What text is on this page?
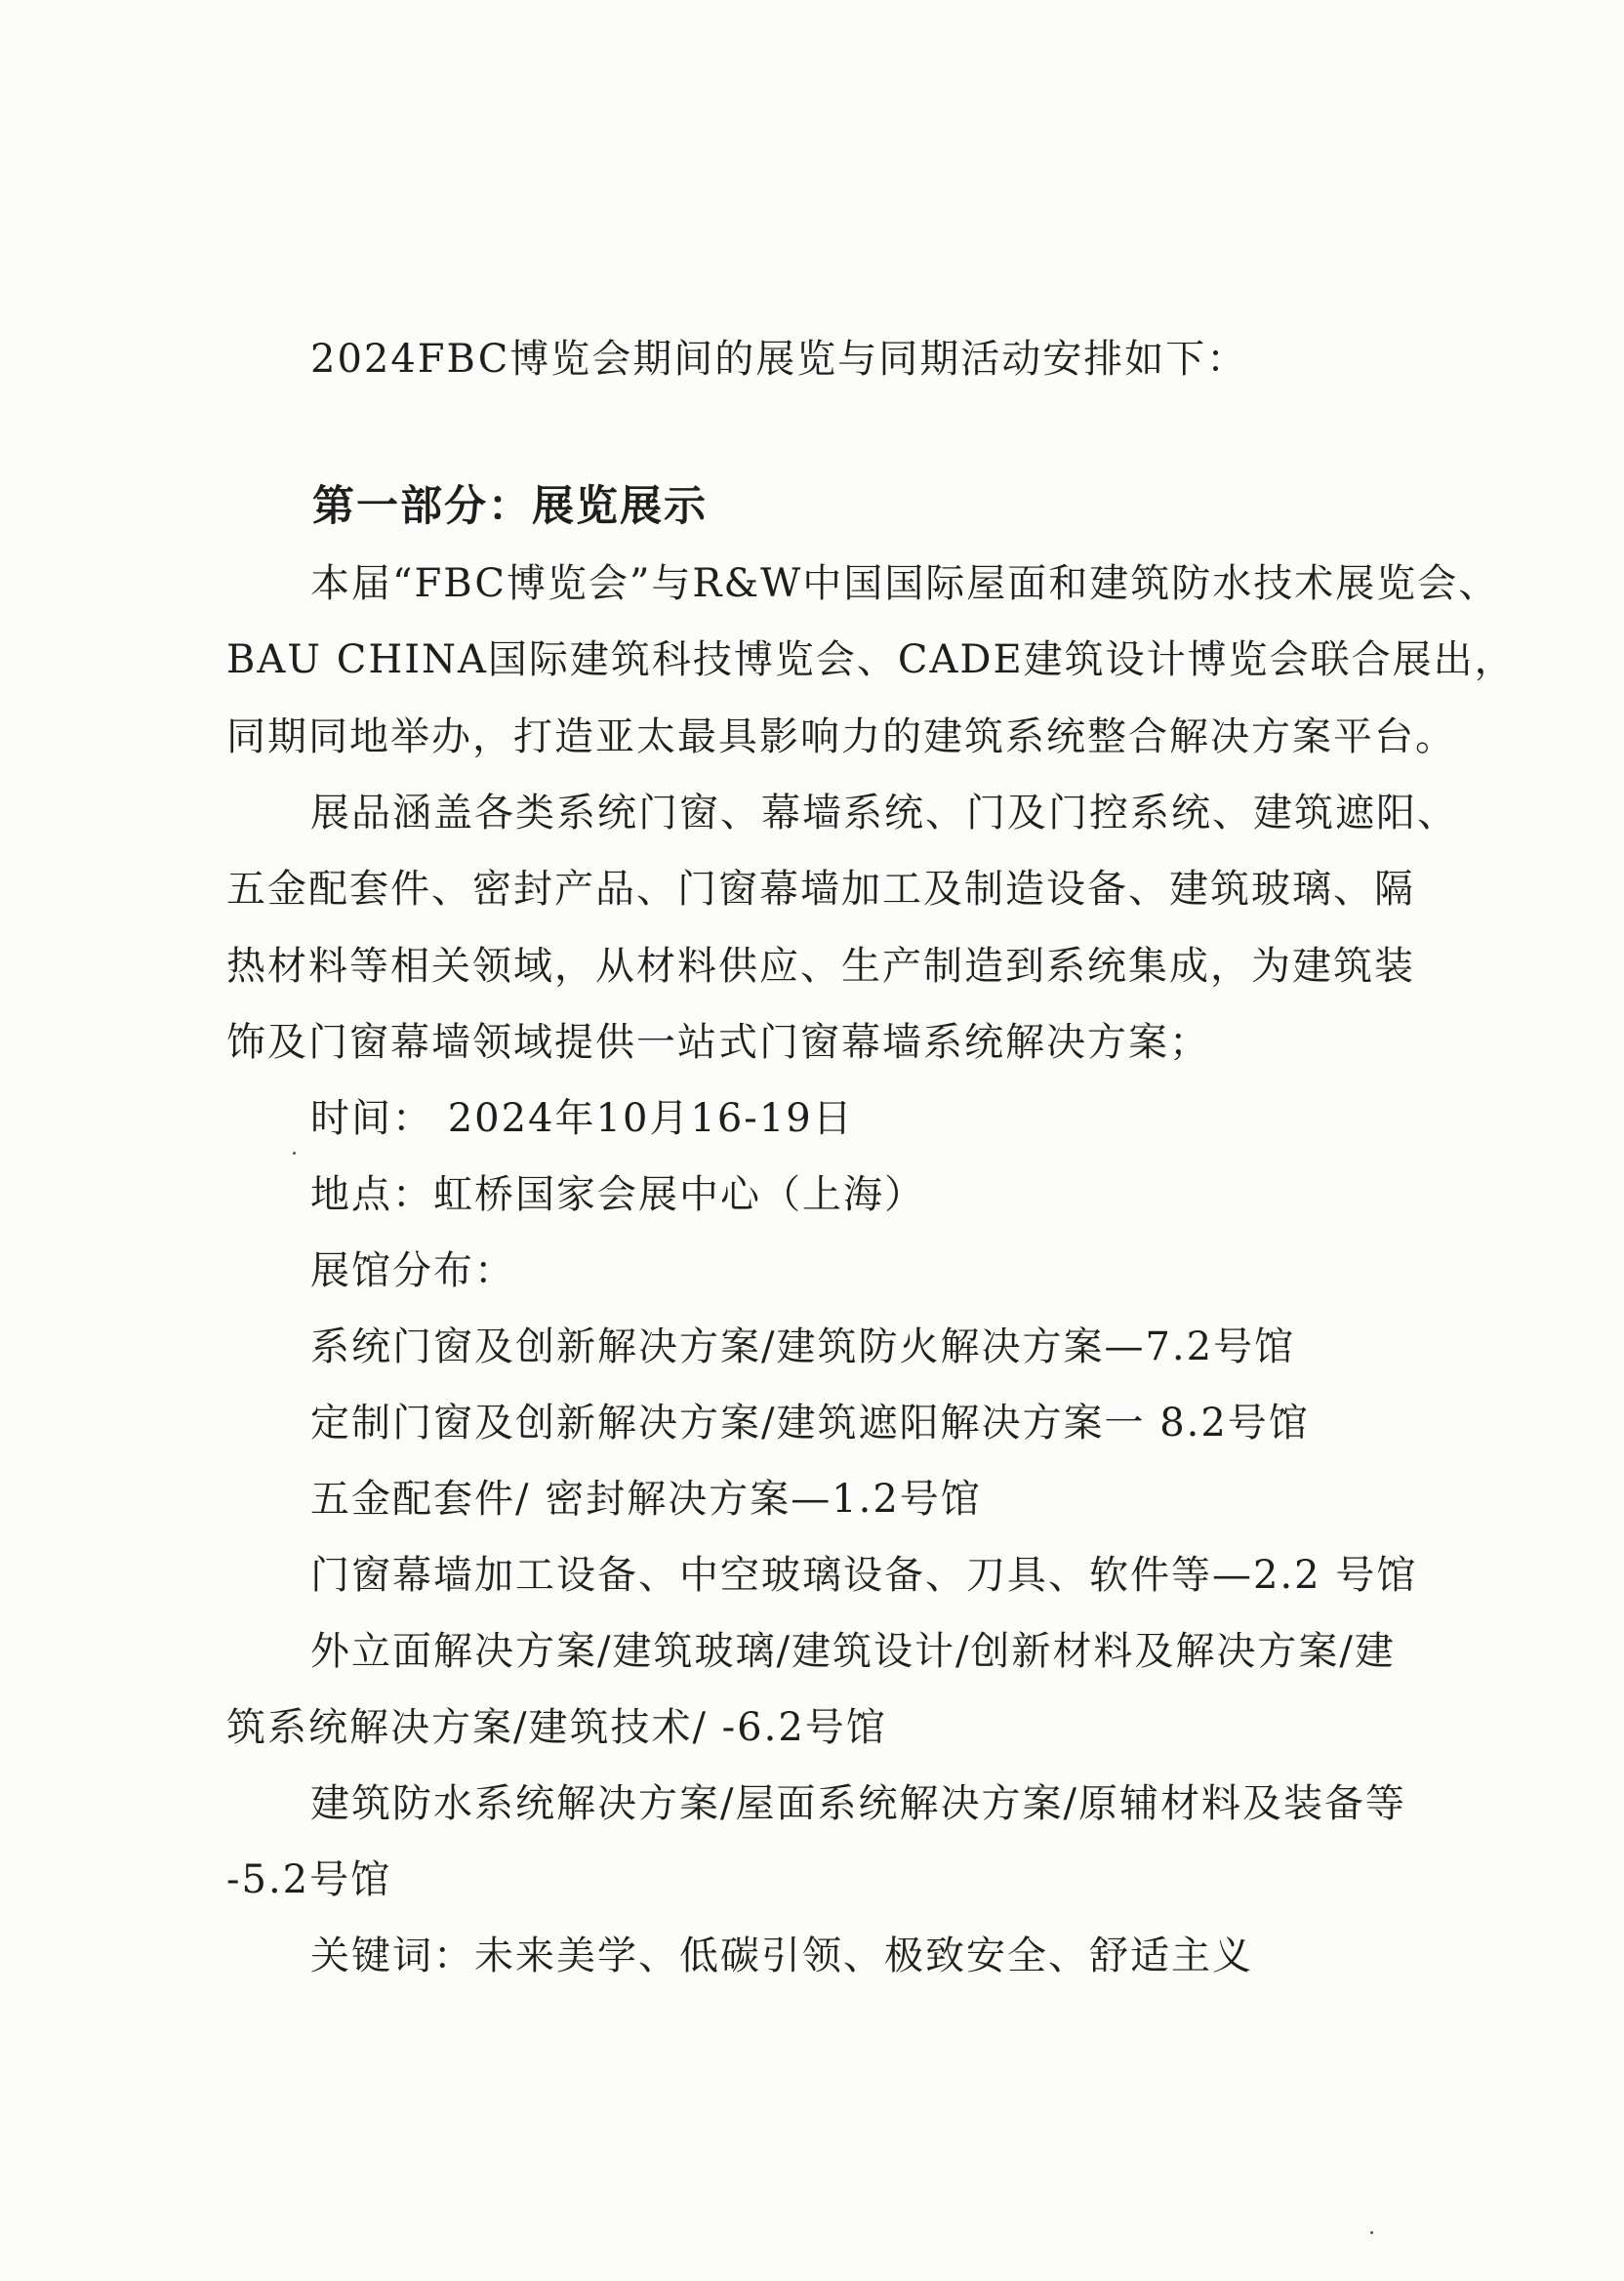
2024FBC博览会期间的展览与同期活动安排如下：
第一部分：展览展示
本届“FBC博览会”与R&W中国国际屋面和建筑防水技术展览会、
BAU CHINA国际建筑科技博览会、CADE建筑设计博览会联合展出，
同期同地举办，打造亚太最具影响力的建筑系统整合解决方案平台。
展品涵盖各类系统门窗、幕墙系统、门及门控系统、建筑遮阳、
五金配套件、密封产品、门窗幕墙加工及制造设备、建筑玻璃、隔
热材料等相关领域，从材料供应、生产制造到系统集成，为建筑装
饰及门窗幕墙领域提供一站式门窗幕墙系统解决方案；
时间： 2024年10月16-19日
地点：虹桥国家会展中心（上海）
展馆分布：
系统门窗及创新解决方案/建筑防火解决方案—7.2号馆
定制门窗及创新解决方案/建筑遮阳解决方案一 8.2号馆
五金配套件/ 密封解决方案—1.2号馆
门窗幕墙加工设备、中空玻璃设备、刀具、软件等—2.2 号馆
外立面解决方案/建筑玻璃/建筑设计/创新材料及解决方案/建
筑系统解决方案/建筑技术/ -6.2号馆
建筑防水系统解决方案/屋面系统解决方案/原辅材料及装备等
-5.2号馆
关键词：未来美学、低碳引领、极致安全、舒适主义
